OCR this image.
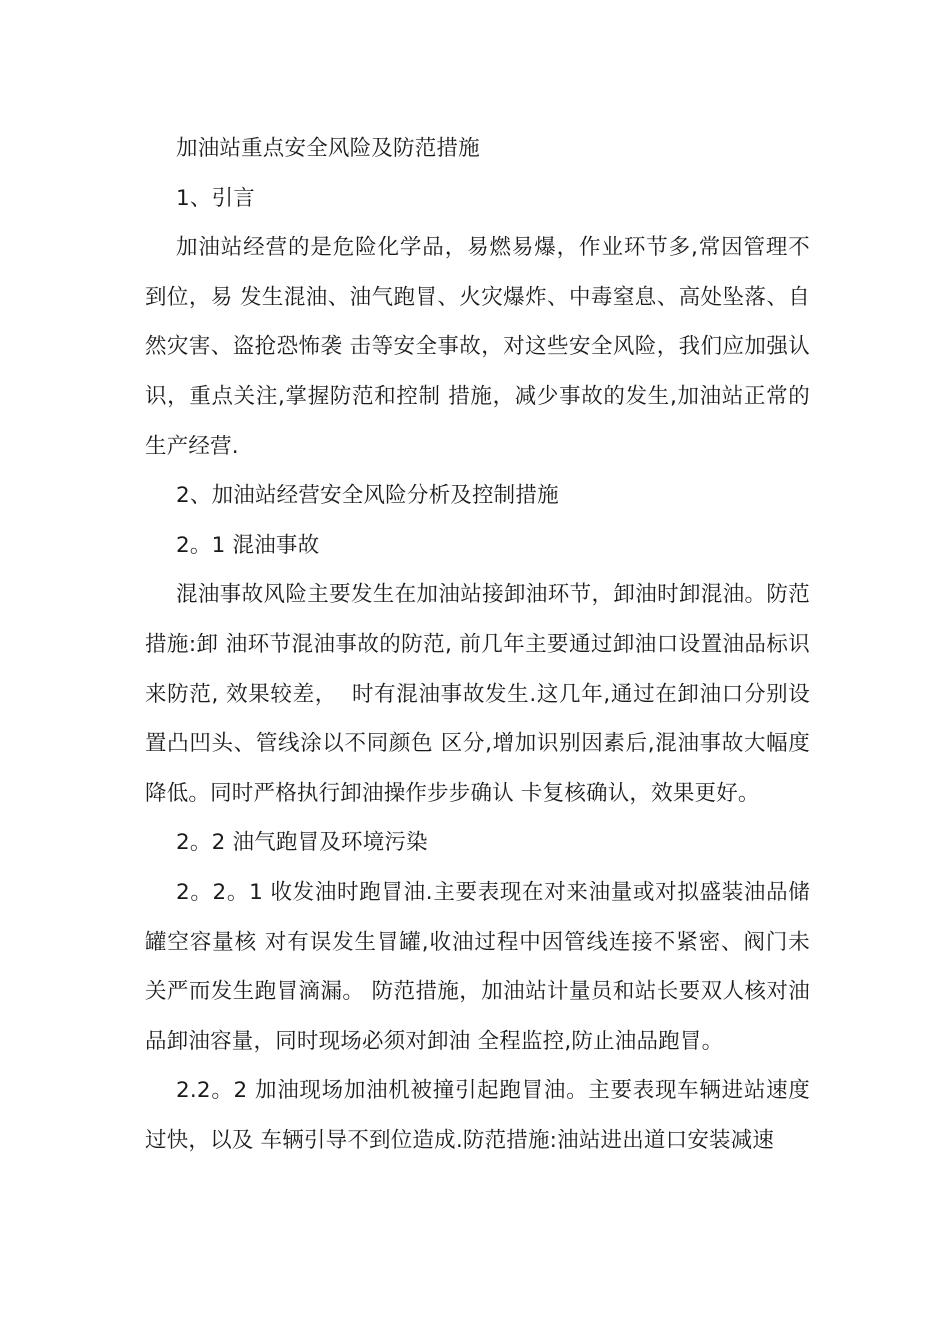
加油站重点安全风险及防范措施

1、引言

加油站经营的是危险化学品，易燃易爆，作业环节多,常因管理不到位，易 发生混油、油气跑冒、火灾爆炸、中毒窒息、高处坠落、自然灾害、盗抢恐怖袭 击等安全事故，对这些安全风险，我们应加强认识，重点关注,掌握防范和控制 措施，减少事故的发生,加油站正常的生产经营.

2、加油站经营安全风险分析及控制措施

2。1 混油事故

混油事故风险主要发生在加油站接卸油环节，卸油时卸混油。防范措施:卸 油环节混油事故的防范, 前几年主要通过卸油口设置油品标识来防范, 效果较差，  时有混油事故发生.这几年,通过在卸油口分别设置凸凹头、管线涂以不同颜色 区分,增加识别因素后,混油事故大幅度降低。同时严格执行卸油操作步步确认 卡复核确认，效果更好。

2。2 油气跑冒及环境污染

2。2。1 收发油时跑冒油.主要表现在对来油量或对拟盛装油品储罐空容量核 对有误发生冒罐,收油过程中因管线连接不紧密、阀门未关严而发生跑冒滴漏。 防范措施，加油站计量员和站长要双人核对油品卸油容量，同时现场必须对卸油 全程监控,防止油品跑冒。

2.2。2 加油现场加油机被撞引起跑冒油。主要表现车辆进站速度过快，以及 车辆引导不到位造成.防范措施:油站进出道口安装减速
